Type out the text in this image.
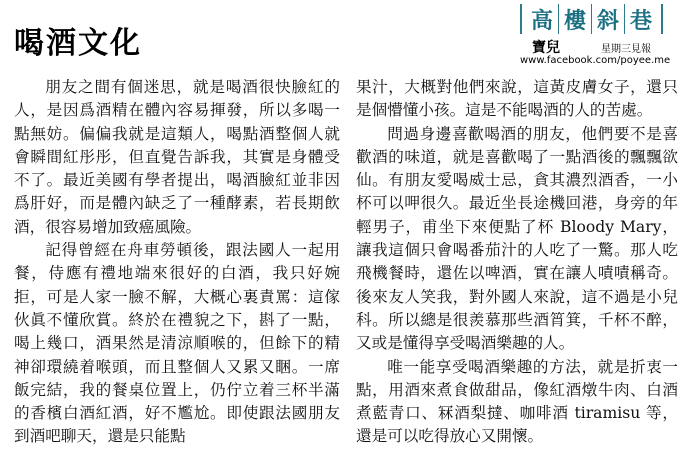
喝酒文化
高 樓 斜 巷
寶兒	星期三見報
www.facebook.com/poyee.me

朋友之間有個迷思，就是喝酒很快臉紅的人，是因爲酒精在體內容易揮發，所以多喝一點無妨。偏偏我就是這類人，喝點酒整個人就會瞬間紅彤彤，但直覺告訴我，其實是身體受不了。最近美國有學者提出，喝酒臉紅並非因爲肝好，而是體內缺乏了一種酵素，若長期飲酒，很容易增加致癌風險。

記得曾經在舟車勞頓後，跟法國人一起用餐，侍應有禮地端來很好的白酒，我只好婉拒，可是人家一臉不解，大概心裏責罵：這傢伙眞不懂欣賞。終於在禮貌之下，斟了一點，喝上幾口，酒果然是清涼順喉的，但餘下的精神卻環繞着喉頭，而且整個人又累又睏。一席飯完結，我的餐桌位置上，仍佇立着三杯半滿的香檳白酒紅酒，好不尷尬。即使跟法國朋友到酒吧聊天，還是只能點

果汁，大概對他們來說，這黃皮膚女子，還只是個懵懂小孩。這是不能喝酒的人的苦處。

問過身邊喜歡喝酒的朋友，他們要不是喜歡酒的味道，就是喜歡喝了一點酒後的飄飄欲仙。有朋友愛喝威士忌，貪其濃烈酒香，一小杯可以呷很久。最近坐長途機回港，身旁的年輕男子，甫坐下來便點了杯 Bloody Mary，讓我這個只會喝番茄汁的人吃了一驚。那人吃飛機餐時，還佐以啤酒，實在讓人嘖嘖稱奇。後來友人笑我，對外國人來說，這不過是小兒科。所以總是很羨慕那些酒筲箕，千杯不醉，又或是懂得享受喝酒樂趣的人。

唯一能享受喝酒樂趣的方法，就是折衷一點，用酒來煮食做甜品，像紅酒燉牛肉、白酒煮藍青口、冧酒梨撻、咖啡酒 tiramisu 等，還是可以吃得放心又開懷。
